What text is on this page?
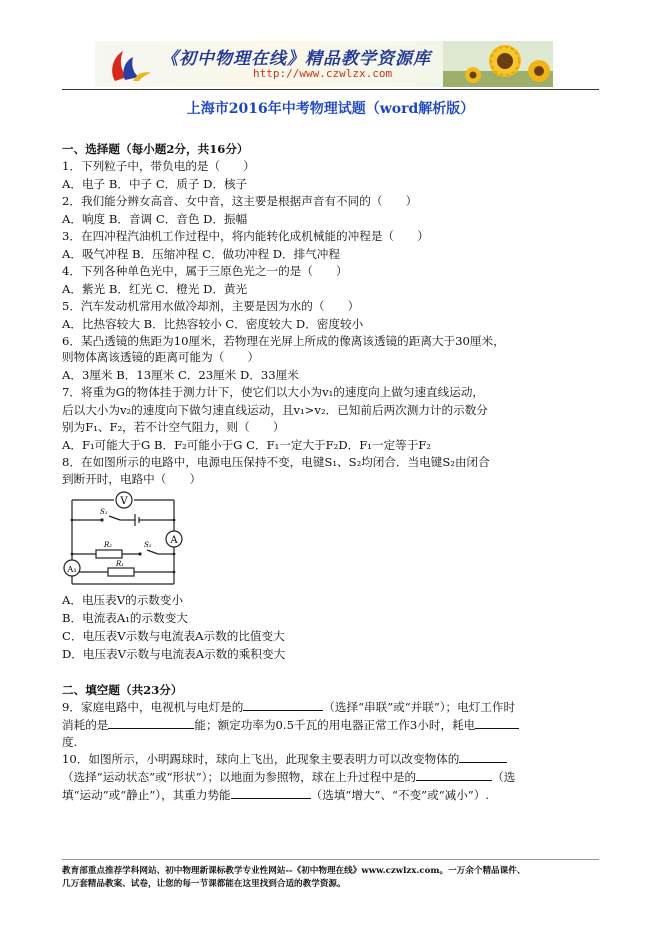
《初中物理在线》精品教学资源库
http://www.czwlzx.com
上海市2016年中考物理试题（word解析版）
一、选择题（每小题2分，共16分）
1．下列粒子中，带负电的是（　　）
A．电子 B．中子 C．质子 D．核子
2．我们能分辨女高音、女中音，这主要是根据声音有不同的（　　）
A．响度 B．音调 C．音色 D．振幅
3．在四冲程汽油机工作过程中，将内能转化成机械能的冲程是（　　）
A．吸气冲程 B．压缩冲程 C．做功冲程 D．排气冲程
4．下列各种单色光中，属于三原色光之一的是（　　）
A．紫光 B．红光 C．橙光 D．黄光
5．汽车发动机常用水做冷却剂，主要是因为水的（　　）
A．比热容较大 B．比热容较小 C．密度较大 D．密度较小
6．某凸透镜的焦距为10厘米，若物理在光屏上所成的像离该透镜的距离大于30厘米，
则物体离该透镜的距离可能为（　　）
A．3厘米 B．13厘米 C．23厘米 D．33厘米
7．将重为G的物体挂于测力计下，使它们以大小为v₁的速度向上做匀速直线运动，
后以大小为v₂的速度向下做匀速直线运动，且v₁>v₂．已知前后两次测力计的示数分
别为F₁、F₂，若不计空气阻力，则（　　）
A．F₁可能大于G B．F₂可能小于G C．F₁一定大于F₂D．F₁一定等于F₂
8．在如图所示的电路中，电源电压保持不变，电键S₁、S₂均闭合．当电键S₂由闭合
到断开时，电路中（　　）
V
A
A₁
S₁
S₂
R₂
R₁
A．电压表V的示数变小
B．电流表A₁的示数变大
C．电压表V示数与电流表A示数的比值变大
D．电压表V示数与电流表A示数的乘积变大
二、填空题（共23分）
9．家庭电路中，电视机与电灯是的	（选择“串联”或“并联”）；电灯工作时
消耗的是	能；额定功率为0.5千瓦的用电器正常工作3小时，耗电
度.
10．如图所示，小明踢球时，球向上飞出，此现象主要表明力可以改变物体的
（选择“运动状态”或“形状”）；以地面为参照物，球在上升过程中是的	（选
填“运动”或“静止”），其重力势能	（选填“增大”、“不变”或“减小”）.
教育部重点推荐学科网站、初中物理新课标教学专业性网站--《初中物理在线》www.czwlzx.com。一万余个精品课件、
几万套精品教案、试卷，让您的每一节课都能在这里找到合适的教学资源。
